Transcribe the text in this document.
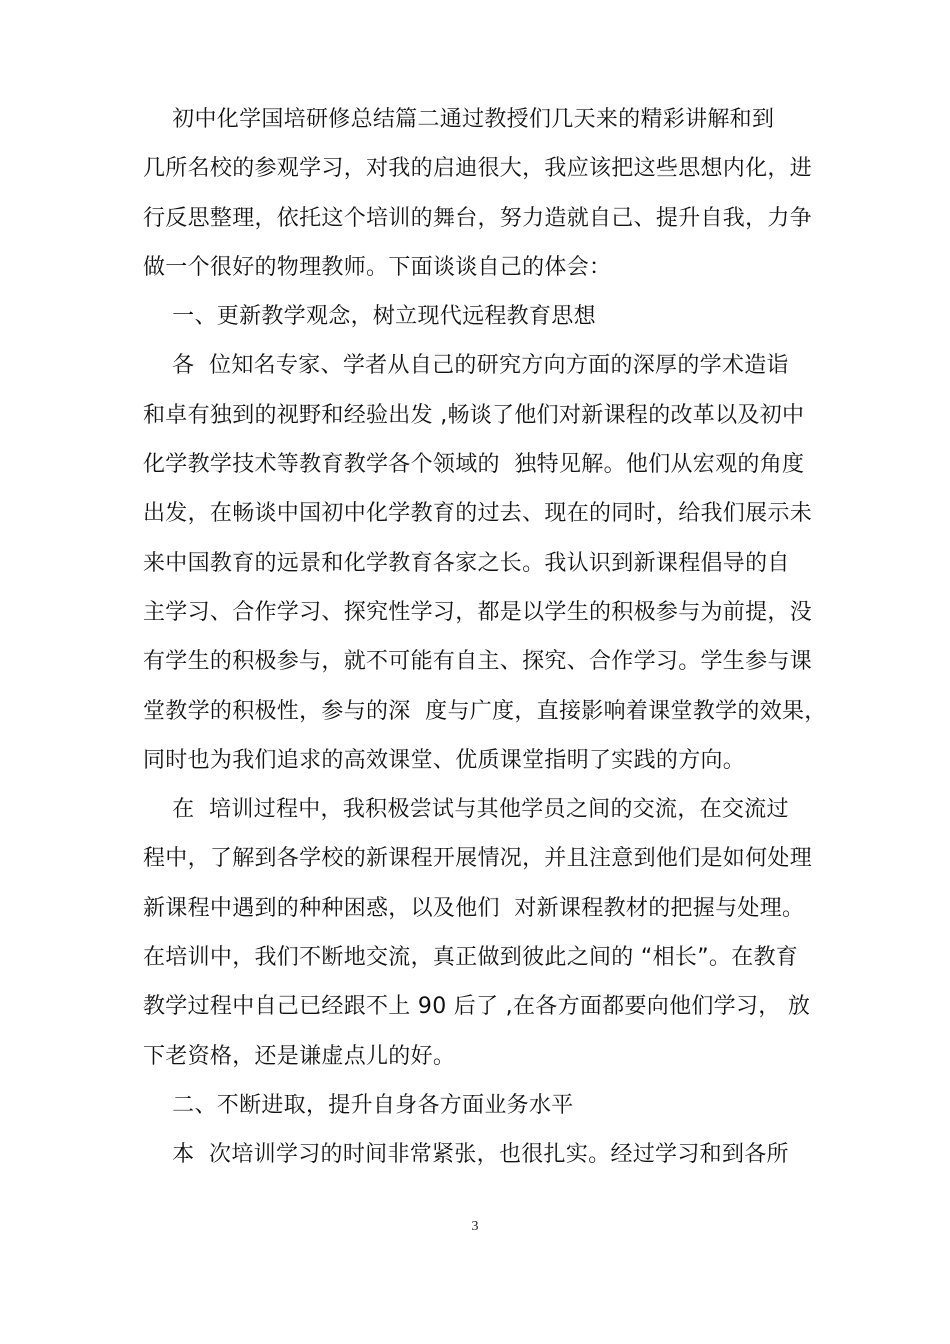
初中化学国培研修总结篇二通过教授们几天来的精彩讲解和到
几所名校的参观学习，对我的启迪很大，我应该把这些思想内化，进
行反思整理，依托这个培训的舞台，努力造就自己、提升自我，力争
做一个很好的物理教师。下面谈谈自己的体会：
一、更新教学观念，树立现代远程教育思想
各  位知名专家、学者从自己的研究方向方面的深厚的学术造诣
和卓有独到的视野和经验出发 ,畅谈了他们对新课程的改革以及初中
化学教学技术等教育教学各个领域的  独特见解。他们从宏观的角度
出发，在畅谈中国初中化学教育的过去、现在的同时，给我们展示未
来中国教育的远景和化学教育各家之长。我认识到新课程倡导的自
主学习、合作学习、探究性学习，都是以学生的积极参与为前提，没
有学生的积极参与，就不可能有自主、探究、合作学习。学生参与课
堂教学的积极性，参与的深  度与广度，直接影响着课堂教学的效果，
同时也为我们追求的高效课堂、优质课堂指明了实践的方向。
在  培训过程中，我积极尝试与其他学员之间的交流，在交流过
程中，了解到各学校的新课程开展情况，并且注意到他们是如何处理
新课程中遇到的种种困惑，以及他们  对新课程教材的把握与处理。
在培训中，我们不断地交流，真正做到彼此之间的 “相长”。在教育
教学过程中自己已经跟不上 90 后了 ,在各方面都要向他们学习， 放
下老资格，还是谦虚点儿的好。
二、不断进取，提升自身各方面业务水平
本  次培训学习的时间非常紧张，也很扎实。经过学习和到各所
3
